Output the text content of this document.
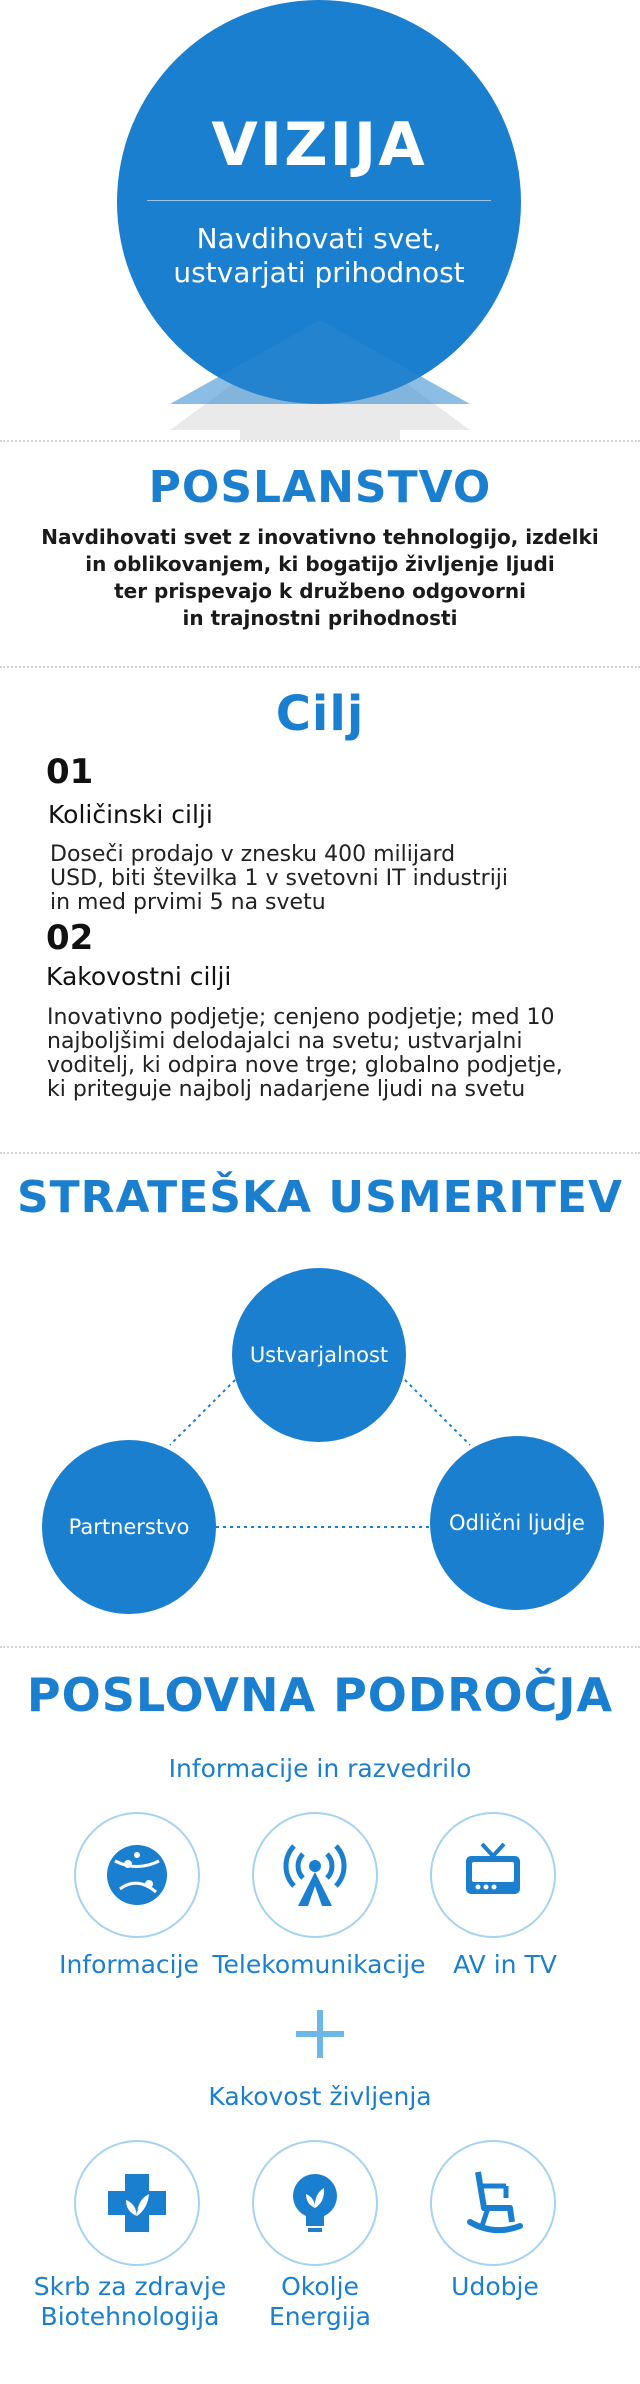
VIZIJA
Navdihovati svet,
ustvarjati prihodnost
POSLANSTVO
Navdihovati svet z inovativno tehnologijo, izdelki
in oblikovanjem, ki bogatijo življenje ljudi
ter prispevajo k družbeno odgovorni
in trajnostni prihodnosti
Cilj
01
Količinski cilji
Doseči prodajo v znesku 400 milijard
USD, biti številka 1 v svetovni IT industriji
in med prvimi 5 na svetu
02
Kakovostni cilji
Inovativno podjetje; cenjeno podjetje; med 10
najboljšimi delodajalci na svetu; ustvarjalni
voditelj, ki odpira nove trge; globalno podjetje,
ki priteguje najbolj nadarjene ljudi na svetu
STRATEŠKA USMERITEV
Ustvarjalnost
Partnerstvo	Odlični ljudje
POSLOVNA PODROČJA
Informacije in razvedrilo
Informacije Telekomunikacije	AV in TV
Kakovost življenja
Skrb za zdravje
Biotehnologija
Okolje
Energija
Udobje
